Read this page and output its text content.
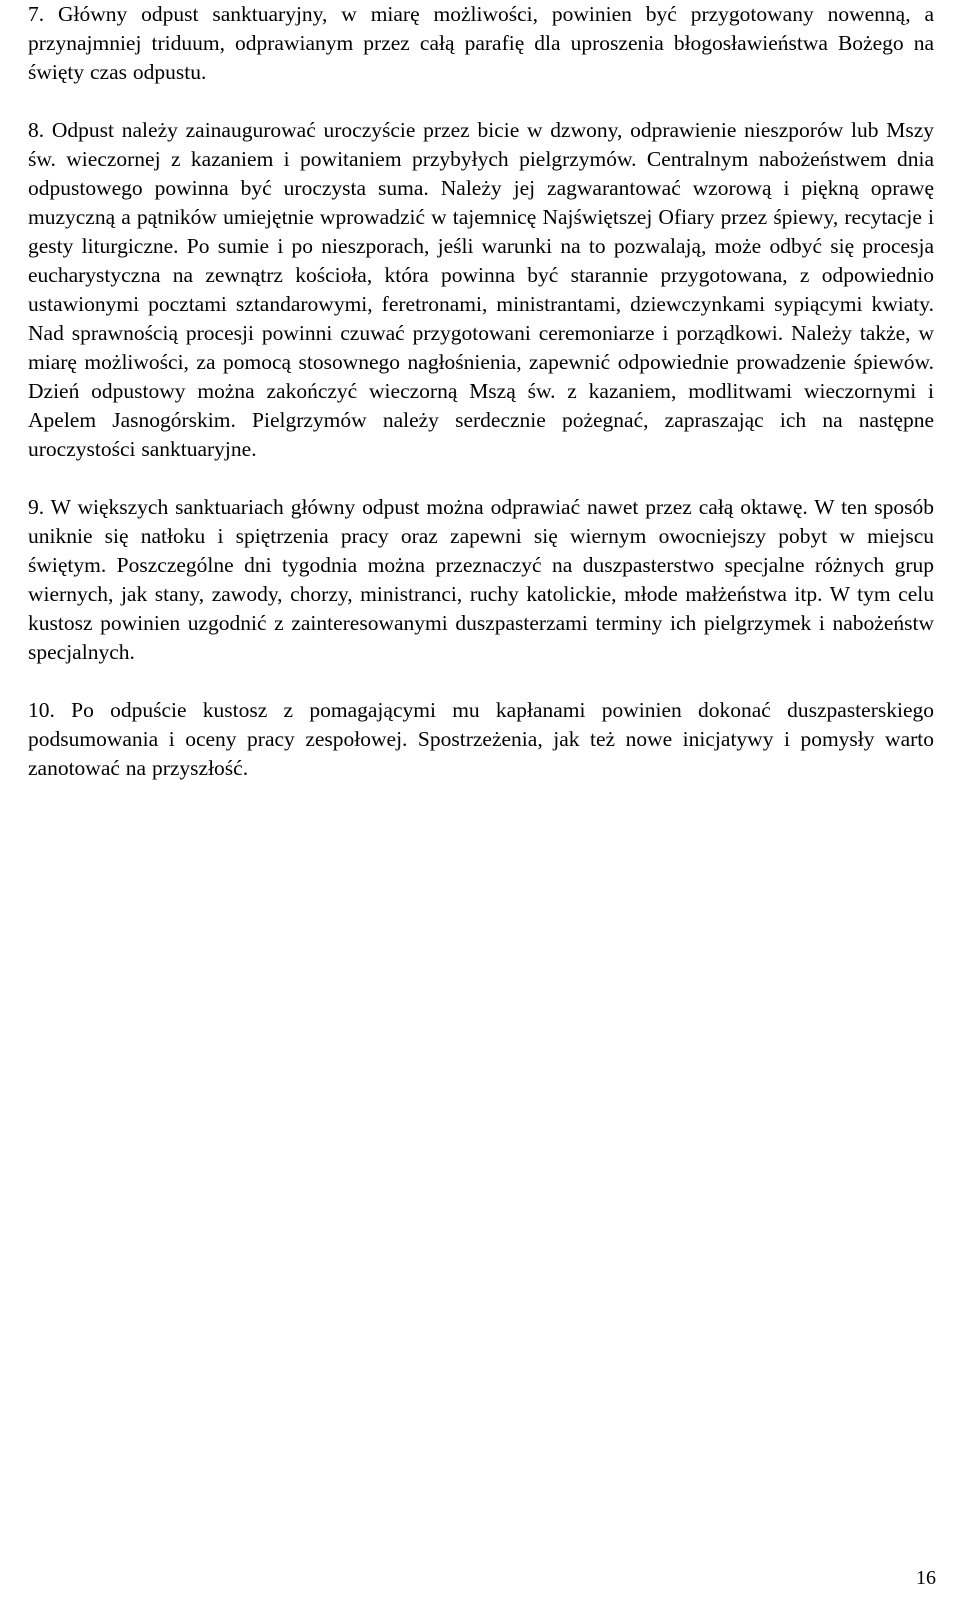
7. Główny odpust sanktuaryjny, w miarę możliwości, powinien być przygotowany nowenną, a przynajmniej triduum, odprawianym przez całą parafię dla uproszenia błogosławieństwa Bożego na święty czas odpustu.

8. Odpust należy zainaugurować uroczyście przez bicie w dzwony, odprawienie nieszporów lub Mszy św. wieczornej z kazaniem i powitaniem przybyłych pielgrzymów. Centralnym nabożeństwem dnia odpustowego powinna być uroczysta suma. Należy jej zagwarantować wzorową i piękną oprawę muzyczną a pątników umiejętnie wprowadzić w tajemnicę Najświętszej Ofiary przez śpiewy, recytacje i gesty liturgiczne. Po sumie i po nieszporach, jeśli warunki na to pozwalają, może odbyć się procesja eucharystyczna na zewnątrz kościoła, która powinna być starannie przygotowana, z odpowiednio ustawionymi pocztami sztandarowymi, feretronami, ministrantami, dziewczynkami sypiącymi kwiaty. Nad sprawnością procesji powinni czuwać przygotowani ceremoniarze i porządkowi. Należy także, w miarę możliwości, za pomocą stosownego nagłośnienia, zapewnić odpowiednie prowadzenie śpiewów. Dzień odpustowy można zakończyć wieczorną Mszą św. z kazaniem, modlitwami wieczornymi i Apelem Jasnogórskim. Pielgrzymów należy serdecznie pożegnać, zapraszając ich na następne uroczystości sanktuaryjne.

9. W większych sanktuariach główny odpust można odprawiać nawet przez całą oktawę. W ten sposób uniknie się natłoku i spiętrzenia pracy oraz zapewni się wiernym owocniejszy pobyt w miejscu świętym. Poszczególne dni tygodnia można przeznaczyć na duszpasterstwo specjalne różnych grup wiernych, jak stany, zawody, chorzy, ministranci, ruchy katolickie, młode małżeństwa itp. W tym celu kustosz powinien uzgodnić z zainteresowanymi duszpasterzami terminy ich pielgrzymek i nabożeństw specjalnych.

10. Po odpuście kustosz z pomagającymi mu kapłanami powinien dokonać duszpasterskiego podsumowania i oceny pracy zespołowej. Spostrzeżenia, jak też nowe inicjatywy i pomysły warto zanotować na przyszłość.

16
